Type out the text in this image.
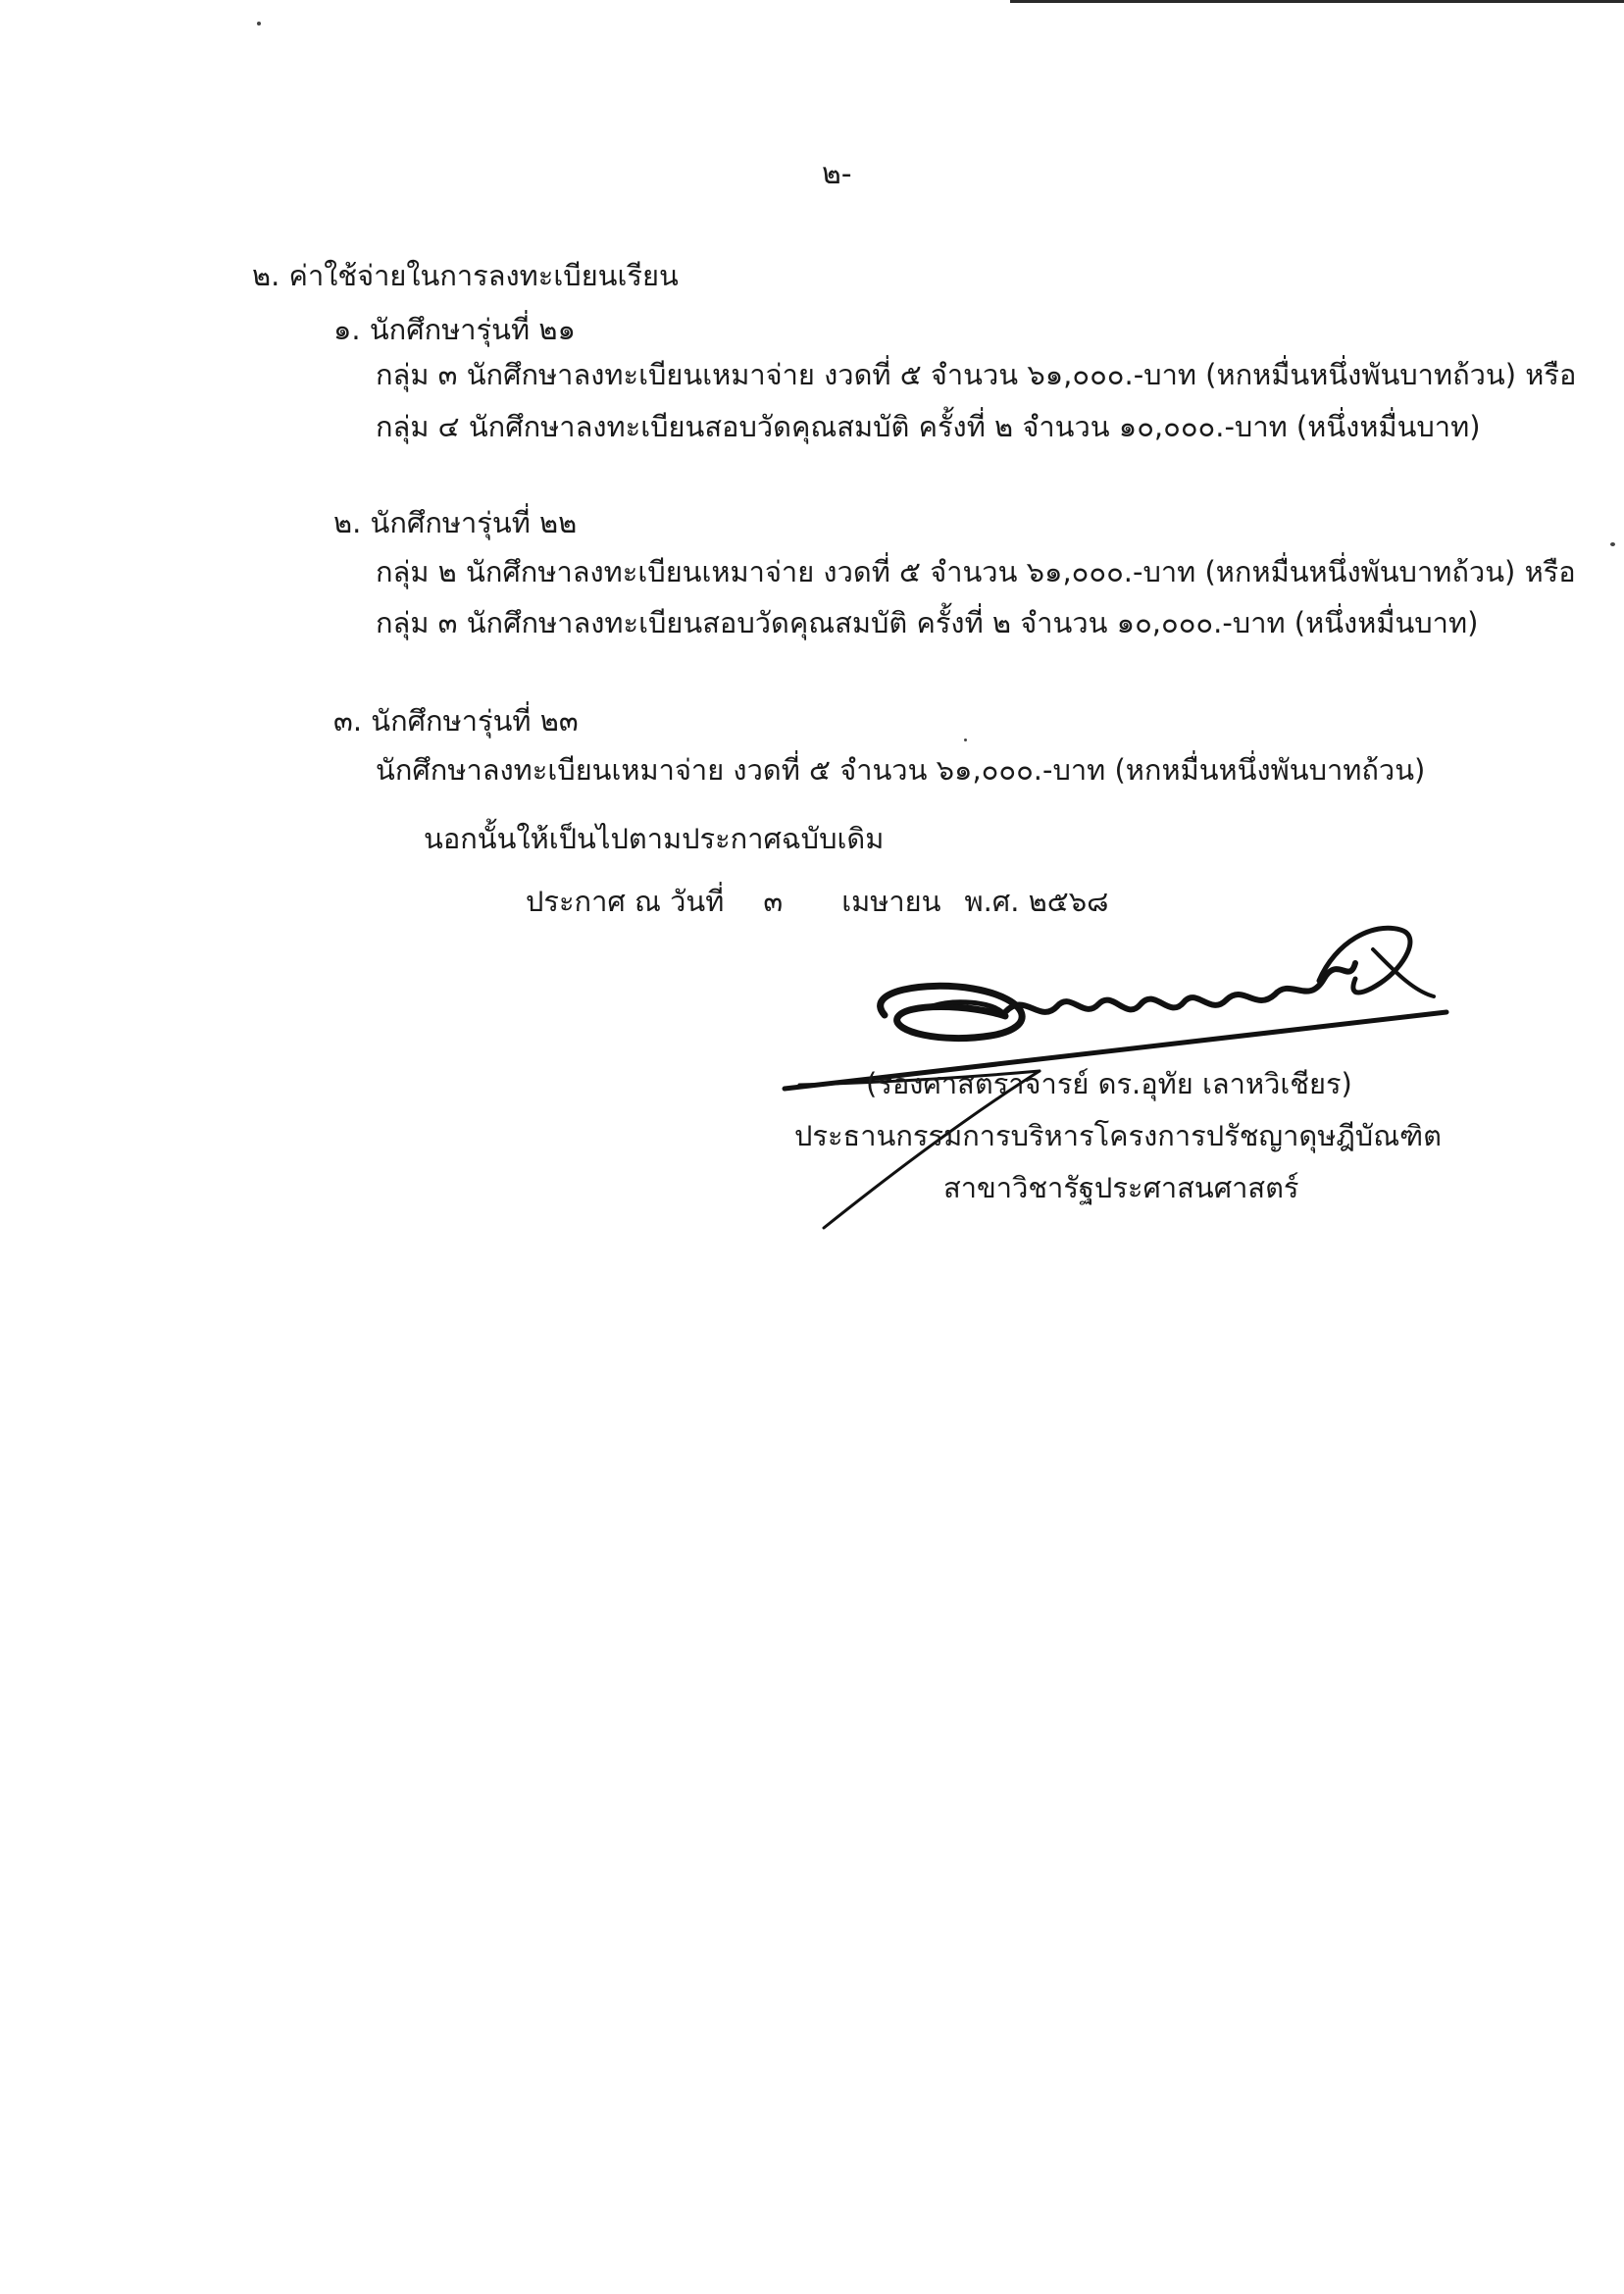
๒-
๒. ค่าใช้จ่ายในการลงทะเบียนเรียน
๑. นักศึกษารุ่นที่ ๒๑
กลุ่ม ๓ นักศึกษาลงทะเบียนเหมาจ่าย งวดที่ ๕ จำนวน ๖๑,๐๐๐.-บาท (หกหมื่นหนึ่งพันบาทถ้วน) หรือ
กลุ่ม ๔ นักศึกษาลงทะเบียนสอบวัดคุณสมบัติ ครั้งที่ ๒ จำนวน ๑๐,๐๐๐.-บาท (หนึ่งหมื่นบาท)
๒. นักศึกษารุ่นที่ ๒๒
กลุ่ม ๒ นักศึกษาลงทะเบียนเหมาจ่าย งวดที่ ๕ จำนวน ๖๑,๐๐๐.-บาท (หกหมื่นหนึ่งพันบาทถ้วน) หรือ
กลุ่ม ๓ นักศึกษาลงทะเบียนสอบวัดคุณสมบัติ ครั้งที่ ๒ จำนวน ๑๐,๐๐๐.-บาท (หนึ่งหมื่นบาท)
๓. นักศึกษารุ่นที่ ๒๓
นักศึกษาลงทะเบียนเหมาจ่าย งวดที่ ๕ จำนวน ๖๑,๐๐๐.-บาท (หกหมื่นหนึ่งพันบาทถ้วน)
นอกนั้นให้เป็นไปตามประกาศฉบับเดิม
ประกาศ ณ วันที่ ๓ เมษายน พ.ศ. ๒๕๖๘
(รองศาสตราจารย์ ดร.อุทัย เลาหวิเชียร)
ประธานกรรมการบริหารโครงการปรัชญาดุษฎีบัณฑิต
สาขาวิชารัฐประศาสนศาสตร์
